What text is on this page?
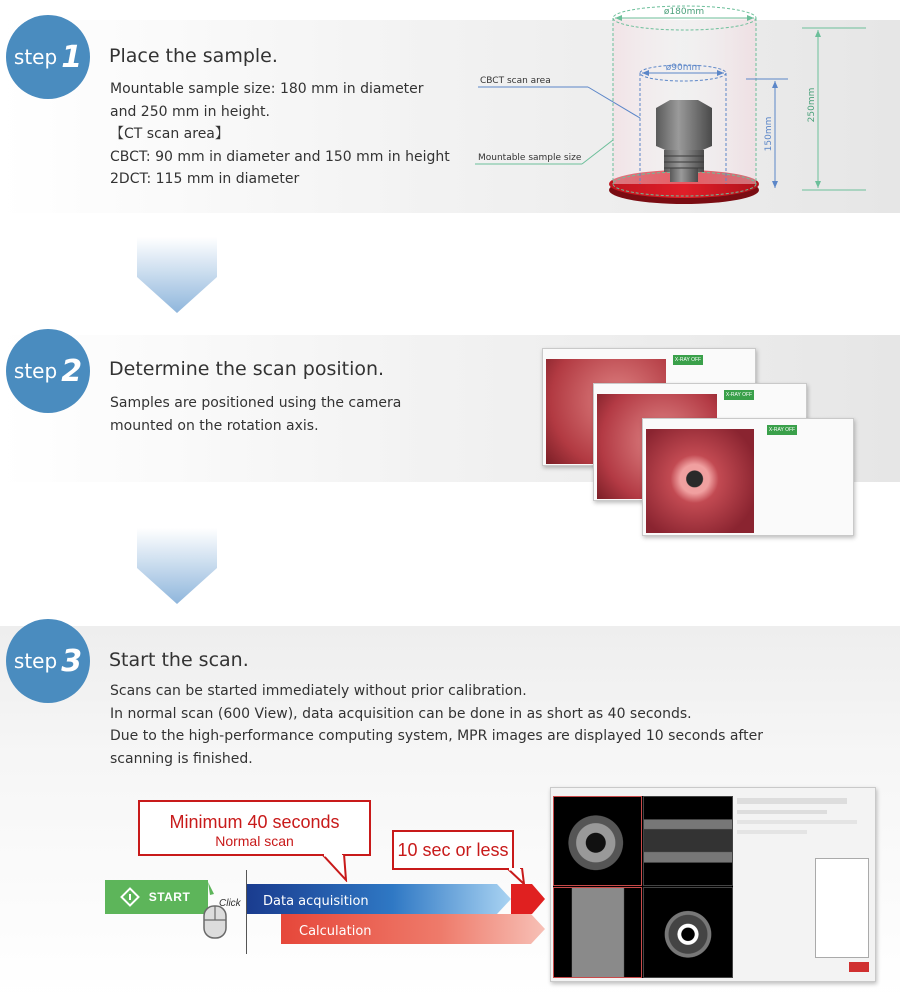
step 1 Place the sample.
Mountable sample size: 180 mm in diameter
and 250 mm in height.
【CT scan area】
CBCT: 90 mm in diameter and 150 mm in height
2DCT: 115 mm in diameter
ø180mm
ø90mm
250mm
150mm
CBCT scan area
Mountable sample size
step 2 Determine the scan position.
Samples are positioned using the camera
mounted on the rotation axis.
X-RAY OFF
X-RAY OFF
X-RAY OFF
step 3 Start the scan.
Scans can be started immediately without prior calibration.
In normal scan (600 View), data acquisition can be done in as short as 40 seconds.
Due to the high-performance computing system, MPR images are displayed 10 seconds after
scanning is finished.
Minimum 40 seconds
Normal scan	10 sec or less
START	Click Data acquisition
Calculation
